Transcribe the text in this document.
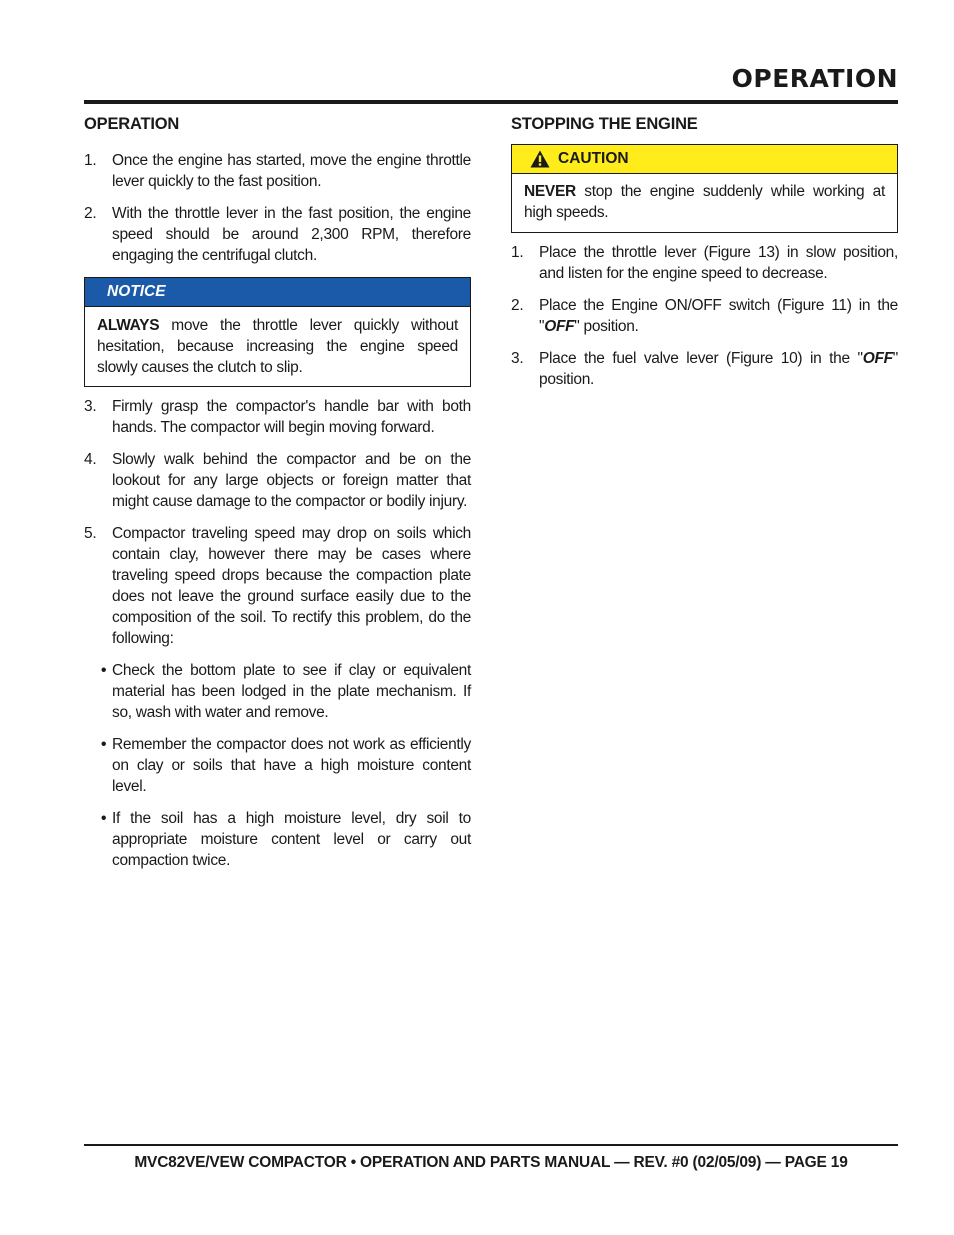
OPERATION
OPERATION
1. Once the engine has started, move the engine throttle lever quickly to the fast position.
2. With the throttle lever in the fast position, the engine speed should be around 2,300 RPM, therefore engaging the centrifugal clutch.
NOTICE
ALWAYS move the throttle lever quickly without hesitation, because increasing the engine speed slowly causes the clutch to slip.
3. Firmly grasp the compactor's handle bar with both hands. The compactor will begin moving forward.
4. Slowly walk behind the compactor and be on the lookout for any large objects or foreign matter that might cause damage to the compactor or bodily injury.
5. Compactor traveling speed may drop on soils which contain clay, however there may be cases where traveling speed drops because the compaction plate does not leave the ground surface easily due to the composition of the soil. To rectify this problem, do the following:
• Check the bottom plate to see if clay or equivalent material has been lodged in the plate mechanism. If so, wash with water and remove.
• Remember the compactor does not work as efficiently on clay or soils that have a high moisture content level.
• If the soil has a high moisture level, dry soil to appropriate moisture content level or carry out compaction twice.
STOPPING THE ENGINE
CAUTION
NEVER stop the engine suddenly while working at high speeds.
1. Place the throttle lever (Figure 13) in slow position, and listen for the engine speed to decrease.
2. Place the Engine ON/OFF switch (Figure 11) in the "OFF" position.
3. Place the fuel valve lever (Figure 10) in the "OFF" position.
MVC82VE/VEW COMPACTOR • OPERATION AND PARTS MANUAL — REV. #0 (02/05/09) — PAGE 19
